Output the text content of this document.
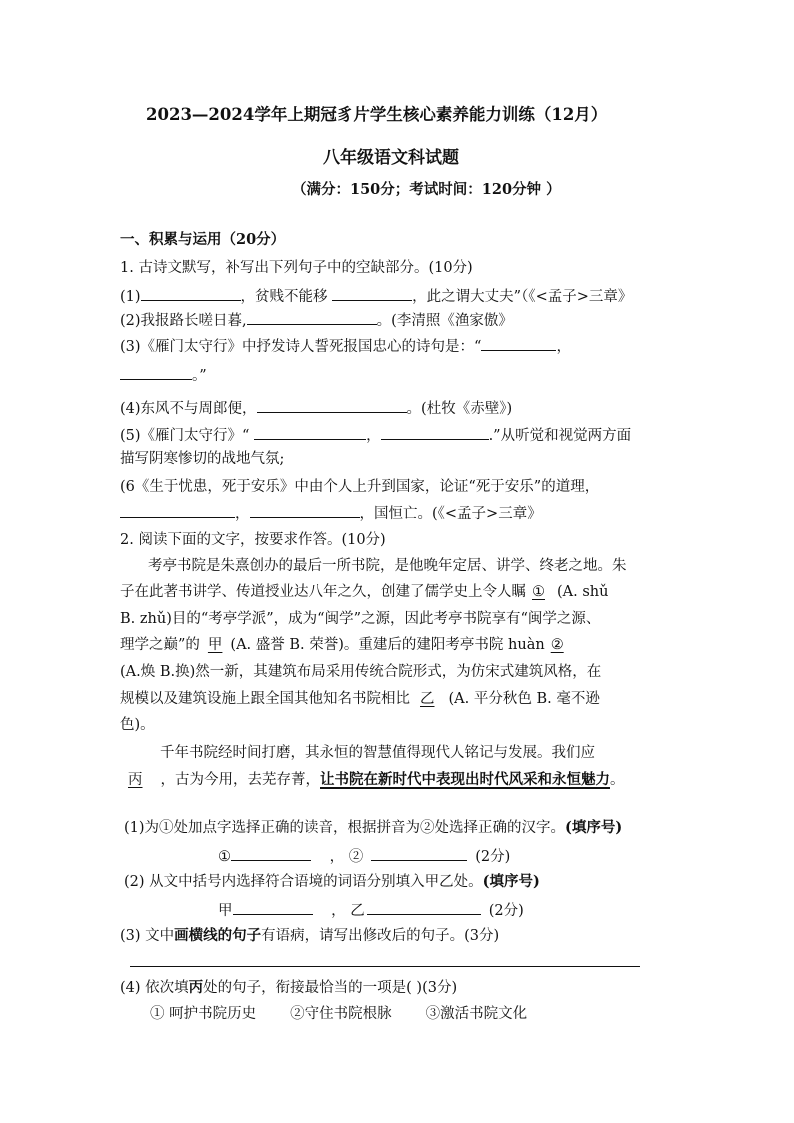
2023—2024学年上期冠豸片学生核心素养能力训练（12月）
八年级语文科试题
（满分：150分；考试时间：120分钟 ）
一、积累与运用（20分）
1. 古诗文默写，补写出下列句子中的空缺部分。(10分)
(1)	，贫贱不能移	，此之谓大丈夫”（《<孟子>三章》
(2)我报路长嗟日暮,	。(李清照《渔家傲》
(3)《雁门太守行》中抒发诗人誓死报国忠心的诗句是：“	，
。”
(4)东风不与周郎便，	。(杜牧《赤壁》)
(5)《雁门太守行》“	，	.”从听觉和视觉两方面
描写阴寒惨切的战地气氛;
(6《生于忧患，死于安乐》中由个人上升到国家，论证“死于安乐”的道理，
，	，国恒亡。(《<孟子>三章》
2. 阅读下面的文字，按要求作答。(10分)
考亭书院是朱熹创办的最后一所书院，是他晚年定居、讲学、终老之地。朱
子在此著书讲学、传道授业达八年之久，创建了儒学史上令人瞩 ① (A. shǔ
B. zhǔ)目的“考亭学派”，成为“闽学”之源，因此考亭书院享有“闽学之源、
理学之巅”的 甲 (A. 盛誉 B. 荣誉)。重建后的建阳考亭书院 huàn ②
(A.焕 B.换)然一新，其建筑布局采用传统合院形式，为仿宋式建筑风格，在
规模以及建筑设施上跟全国其他知名书院相比 乙 (A. 平分秋色 B. 毫不逊
色)。
千年书院经时间打磨，其永恒的智慧值得现代人铭记与发展。我们应
丙 ，古为今用，去芜存菁，让书院在新时代中表现出时代风采和永恒魅力。
(1)为①处加点字选择正确的读音，根据拼音为②处选择正确的汉字。(填序号)
①	， ②	(2分)
(2) 从文中括号内选择符合语境的词语分别填入甲乙处。(填序号)
甲	， 乙	(2分)
(3) 文中画横线的句子有语病，请写出修改后的句子。(3分)
(4) 依次填丙处的句子，衔接最恰当的一项是( )(3分)
① 呵护书院历史 ②守住书院根脉 ③激活书院文化
